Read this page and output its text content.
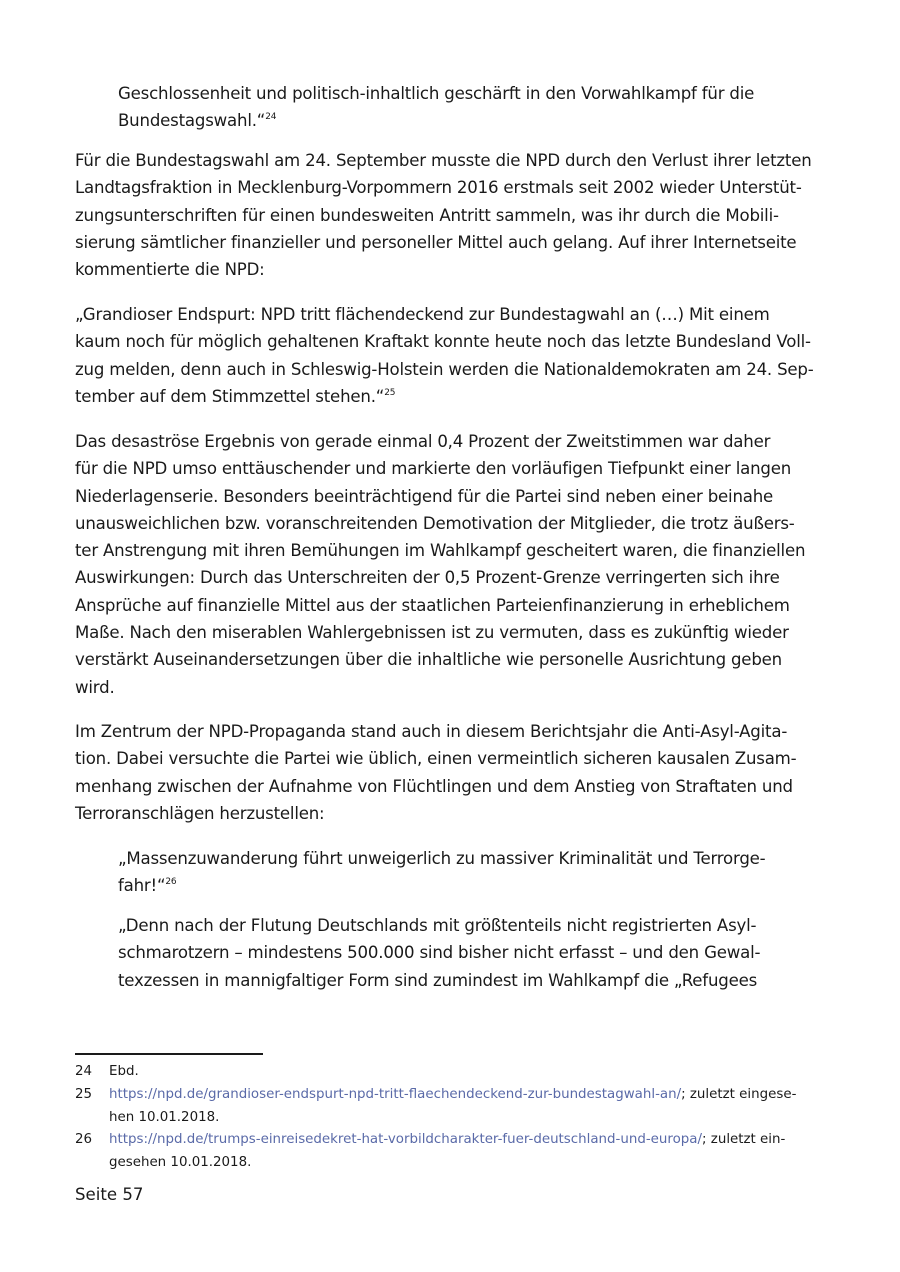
Geschlossenheit und politisch-inhaltlich geschärft in den Vorwahlkampf für die
Bundestagswahl.“$^{24}$
Für die Bundestagswahl am 24. September musste die NPD durch den Verlust ihrer letzten
Landtagsfraktion in Mecklenburg-Vorpommern 2016 erstmals seit 2002 wieder Unterstüt-
zungsunterschriften für einen bundesweiten Antritt sammeln, was ihr durch die Mobili-
sierung sämtlicher finanzieller und personeller Mittel auch gelang. Auf ihrer Internetseite
kommentierte die NPD:
„Grandioser Endspurt: NPD tritt flächendeckend zur Bundestagwahl an (…) Mit einem
kaum noch für möglich gehaltenen Kraftakt konnte heute noch das letzte Bundesland Voll-
zug melden, denn auch in Schleswig-Holstein werden die Nationaldemokraten am 24. Sep-
tember auf dem Stimmzettel stehen.“$^{25}$
Das desaströse Ergebnis von gerade einmal 0,4 Prozent der Zweitstimmen war daher
für die NPD umso enttäuschender und markierte den vorläufigen Tiefpunkt einer langen
Niederlagenserie. Besonders beeinträchtigend für die Partei sind neben einer beinahe
unausweichlichen bzw. voranschreitenden Demotivation der Mitglieder, die trotz äußers-
ter Anstrengung mit ihren Bemühungen im Wahlkampf gescheitert waren, die finanziellen
Auswirkungen: Durch das Unterschreiten der 0,5 Prozent-Grenze verringerten sich ihre
Ansprüche auf finanzielle Mittel aus der staatlichen Parteienfinanzierung in erheblichem
Maße. Nach den miserablen Wahlergebnissen ist zu vermuten, dass es zukünftig wieder
verstärkt Auseinandersetzungen über die inhaltliche wie personelle Ausrichtung geben
wird.
Im Zentrum der NPD-Propaganda stand auch in diesem Berichtsjahr die Anti-Asyl-Agita-
tion. Dabei versuchte die Partei wie üblich, einen vermeintlich sicheren kausalen Zusam-
menhang zwischen der Aufnahme von Flüchtlingen und dem Anstieg von Straftaten und
Terroranschlägen herzustellen:
„Massenzuwanderung führt unweigerlich zu massiver Kriminalität und Terrorge-
fahr!“$^{26}$
„Denn nach der Flutung Deutschlands mit größtenteils nicht registrierten Asyl-
schmarotzern – mindestens 500.000 sind bisher nicht erfasst – und den Gewal-
texzessen in mannigfaltiger Form sind zumindest im Wahlkampf die „Refugees
24 Ebd.
25 https://npd.de/grandioser-endspurt-npd-tritt-flaechendeckend-zur-bundestagwahl-an/; zuletzt eingese-
hen 10.01.2018.
26 https://npd.de/trumps-einreisedekret-hat-vorbildcharakter-fuer-deutschland-und-europa/; zuletzt ein-
gesehen 10.01.2018.
Seite 57
